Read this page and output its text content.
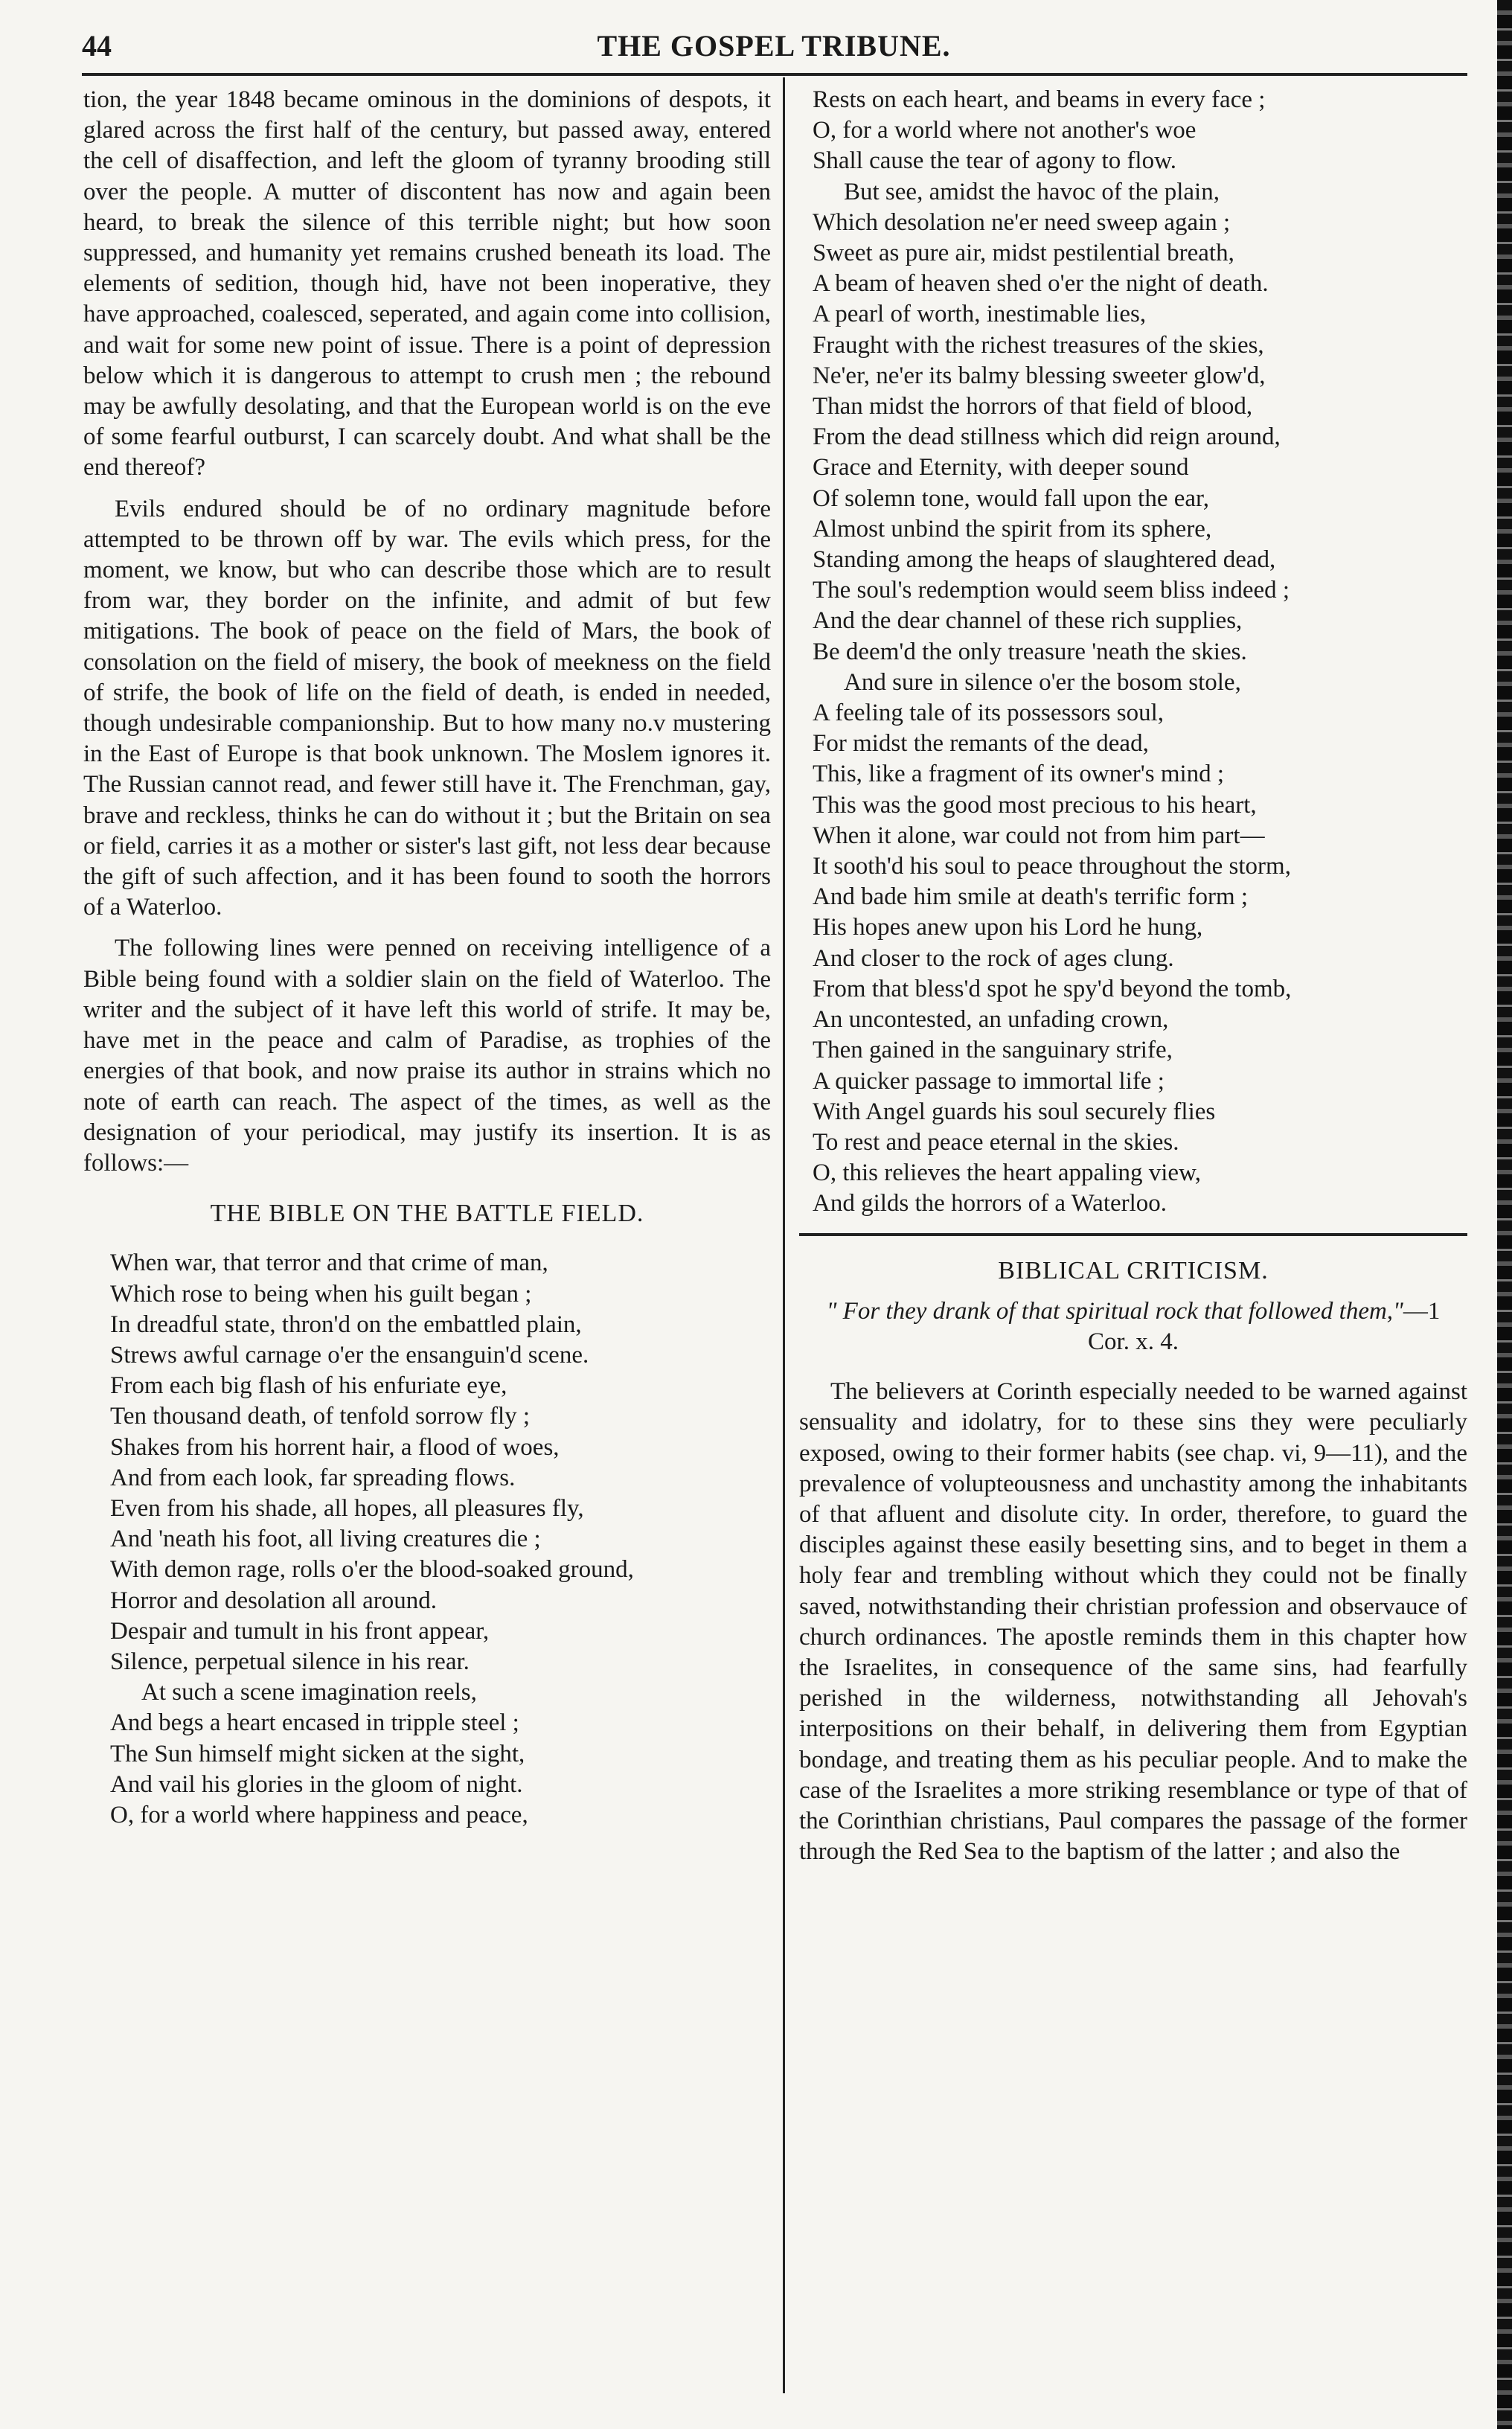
44	THE GOSPEL TRIBUNE.

tion, the year 1848 became ominous in the dominions of despots, it glared across the first half of the century, but passed away, entered the cell of disaffection, and left the gloom of tyranny brooding still over the people. A mutter of discontent has now and again been heard, to break the silence of this terrible night; but how soon suppressed, and humanity yet remains crushed beneath its load. The elements of sedition, though hid, have not been inoperative, they have approached, coalesced, seperated, and again come into collision, and wait for some new point of issue. There is a point of depression below which it is dangerous to attempt to crush men ; the rebound may be awfully desolating, and that the European world is on the eve of some fearful outburst, I can scarcely doubt. And what shall be the end thereof?

Evils endured should be of no ordinary magnitude before attempted to be thrown off by war. The evils which press, for the moment, we know, but who can describe those which are to result from war, they border on the infinite, and admit of but few mitigations. The book of peace on the field of Mars, the book of consolation on the field of misery, the book of meekness on the field of strife, the book of life on the field of death, is ended in needed, though undesirable companionship. But to how many no.v mustering in the East of Europe is that book unknown. The Moslem ignores it. The Russian cannot read, and fewer still have it. The Frenchman, gay, brave and reckless, thinks he can do without it ; but the Britain on sea or field, carries it as a mother or sister's last gift, not less dear because the gift of such affection, and it has been found to sooth the horrors of a Waterloo.

The following lines were penned on receiving intelligence of a Bible being found with a soldier slain on the field of Waterloo. The writer and the subject of it have left this world of strife. It may be, have met in the peace and calm of Paradise, as trophies of the energies of that book, and now praise its author in strains which no note of earth can reach. The aspect of the times, as well as the designation of your periodical, may justify its insertion. It is as follows:—

THE BIBLE ON THE BATTLE FIELD.

When war, that terror and that crime of man,
Which rose to being when his guilt began ;
In dreadful state, thron'd on the embattled plain,
Strews awful carnage o'er the ensanguin'd scene.
From each big flash of his enfuriate eye,
Ten thousand death, of tenfold sorrow fly ;
Shakes from his horrent hair, a flood of woes,
And from each look, far spreading flows.
Even from his shade, all hopes, all pleasures fly,
And 'neath his foot, all living creatures die ;
With demon rage, rolls o'er the blood-soaked ground,
Horror and desolation all around.
Despair and tumult in his front appear,
Silence, perpetual silence in his rear.
At such a scene imagination reels,
And begs a heart encased in tripple steel ;
The Sun himself might sicken at the sight,
And vail his glories in the gloom of night.
O, for a world where happiness and peace,
Rests on each heart, and beams in every face ;
O, for a world where not another's woe
Shall cause the tear of agony to flow.
But see, amidst the havoc of the plain,
Which desolation ne'er need sweep again ;
Sweet as pure air, midst pestilential breath,
A beam of heaven shed o'er the night of death.
A pearl of worth, inestimable lies,
Fraught with the richest treasures of the skies,
Ne'er, ne'er its balmy blessing sweeter glow'd,
Than midst the horrors of that field of blood,
From the dead stillness which did reign around,
Grace and Eternity, with deeper sound
Of solemn tone, would fall upon the ear,
Almost unbind the spirit from its sphere,
Standing among the heaps of slaughtered dead,
The soul's redemption would seem bliss indeed ;
And the dear channel of these rich supplies,
Be deem'd the only treasure 'neath the skies.
And sure in silence o'er the bosom stole,
A feeling tale of its possessors soul,
For midst the remants of the dead,
This, like a fragment of its owner's mind ;
This was the good most precious to his heart,
When it alone, war could not from him part—
It sooth'd his soul to peace throughout the storm,
And bade him smile at death's terrific form ;
His hopes anew upon his Lord he hung,
And closer to the rock of ages clung.
From that bless'd spot he spy'd beyond the tomb,
An uncontested, an unfading crown,
Then gained in the sanguinary strife,
A quicker passage to immortal life ;
With Angel guards his soul securely flies
To rest and peace eternal in the skies.
O, this relieves the heart appaling view,
And gilds the horrors of a Waterloo.

BIBLICAL CRITICISM.

" For they drank of that spiritual rock that followed them,"—1 Cor. x. 4.

The believers at Corinth especially needed to be warned against sensuality and idolatry, for to these sins they were peculiarly exposed, owing to their former habits (see chap. vi, 9—11), and the prevalence of volupteousness and unchastity among the inhabitants of that afluent and disolute city. In order, therefore, to guard the disciples against these easily besetting sins, and to beget in them a holy fear and trembling without which they could not be finally saved, notwithstanding their christian profession and observauce of church ordinances. The apostle reminds them in this chapter how the Israelites, in consequence of the same sins, had fearfully perished in the wilderness, notwithstanding all Jehovah's interpositions on their behalf, in delivering them from Egyptian bondage, and treating them as his peculiar people. And to make the case of the Israelites a more striking resemblance or type of that of the Corinthian christians, Paul compares the passage of the former through the Red Sea to the baptism of the latter ; and also the
